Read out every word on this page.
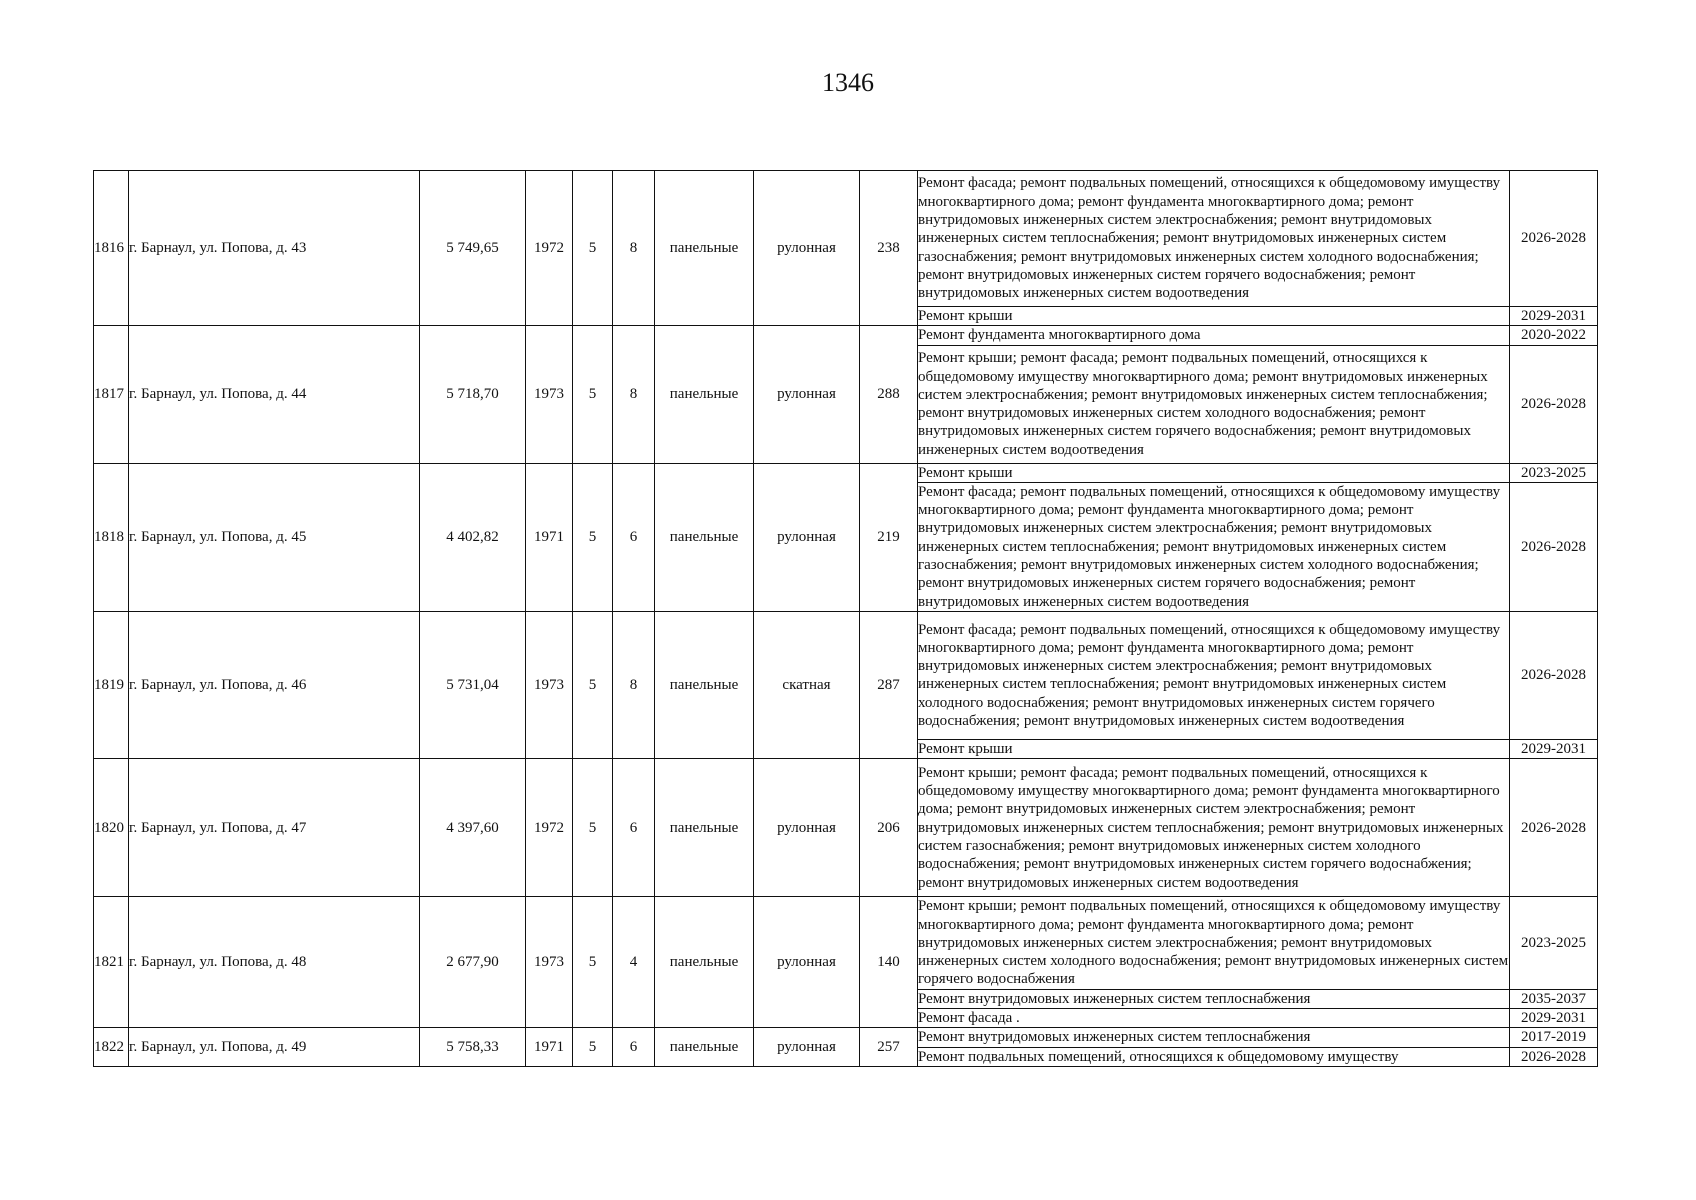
1346
1816	г. Барнаул, ул. Попова, д. 43	5 749,65	1972	5	8	панельные	рулонная	238	Ремонт фасада; ремонт подвальных помещений, относящихся к общедомовому имуществу многоквартирного дома; ремонт фундамента многоквартирного дома; ремонт внутридомовых инженерных систем электроснабжения; ремонт внутридомовых инженерных систем теплоснабжения; ремонт внутридомовых инженерных систем газоснабжения; ремонт внутридомовых инженерных систем холодного водоснабжения; ремонт внутридомовых инженерных систем горячего водоснабжения; ремонт внутридомовых инженерных систем водоотведения	2026-2028
									Ремонт крыши	2029-2031
1817	г. Барнаул, ул. Попова, д. 44	5 718,70	1973	5	8	панельные	рулонная	288	Ремонт фундамента многоквартирного дома	2020-2022
									Ремонт крыши; ремонт фасада; ремонт подвальных помещений, относящихся к общедомовому имуществу многоквартирного дома; ремонт внутридомовых инженерных систем электроснабжения; ремонт внутридомовых инженерных систем теплоснабжения; ремонт внутридомовых инженерных систем холодного водоснабжения; ремонт внутридомовых инженерных систем горячего водоснабжения; ремонт внутридомовых инженерных систем водоотведения	2026-2028
1818	г. Барнаул, ул. Попова, д. 45	4 402,82	1971	5	6	панельные	рулонная	219	Ремонт крыши	2023-2025
									Ремонт фасада; ремонт подвальных помещений, относящихся к общедомовому имуществу многоквартирного дома; ремонт фундамента многоквартирного дома; ремонт внутридомовых инженерных систем электроснабжения; ремонт внутридомовых инженерных систем теплоснабжения; ремонт внутридомовых инженерных систем газоснабжения; ремонт внутридомовых инженерных систем холодного водоснабжения; ремонт внутридомовых инженерных систем горячего водоснабжения; ремонт внутридомовых инженерных систем водоотведения	2026-2028
1819	г. Барнаул, ул. Попова, д. 46	5 731,04	1973	5	8	панельные	скатная	287	Ремонт фасада; ремонт подвальных помещений, относящихся к общедомовому имуществу многоквартирного дома; ремонт фундамента многоквартирного дома; ремонт внутридомовых инженерных систем электроснабжения; ремонт внутридомовых инженерных систем теплоснабжения; ремонт внутридомовых инженерных систем холодного водоснабжения; ремонт внутридомовых инженерных систем горячего водоснабжения; ремонт внутридомовых инженерных систем водоотведения	2026-2028
									Ремонт крыши	2029-2031
1820	г. Барнаул, ул. Попова, д. 47	4 397,60	1972	5	6	панельные	рулонная	206	Ремонт крыши; ремонт фасада; ремонт подвальных помещений, относящихся к общедомовому имуществу многоквартирного дома; ремонт фундамента многоквартирного дома; ремонт внутридомовых инженерных систем электроснабжения; ремонт внутридомовых инженерных систем теплоснабжения; ремонт внутридомовых инженерных систем газоснабжения; ремонт внутридомовых инженерных систем холодного водоснабжения; ремонт внутридомовых инженерных систем горячего водоснабжения; ремонт внутридомовых инженерных систем водоотведения	2026-2028
1821	г. Барнаул, ул. Попова, д. 48	2 677,90	1973	5	4	панельные	рулонная	140	Ремонт крыши; ремонт подвальных помещений, относящихся к общедомовому имуществу многоквартирного дома; ремонт фундамента многоквартирного дома; ремонт внутридомовых инженерных систем электроснабжения; ремонт внутридомовых инженерных систем холодного водоснабжения; ремонт внутридомовых инженерных систем горячего водоснабжения	2023-2025
									Ремонт внутридомовых инженерных систем теплоснабжения	2035-2037
									Ремонт фасада .	2029-2031
1822	г. Барнаул, ул. Попова, д. 49	5 758,33	1971	5	6	панельные	рулонная	257	Ремонт внутридомовых инженерных систем теплоснабжения	2017-2019
									Ремонт подвальных помещений, относящихся к общедомовому имуществу	2026-2028
